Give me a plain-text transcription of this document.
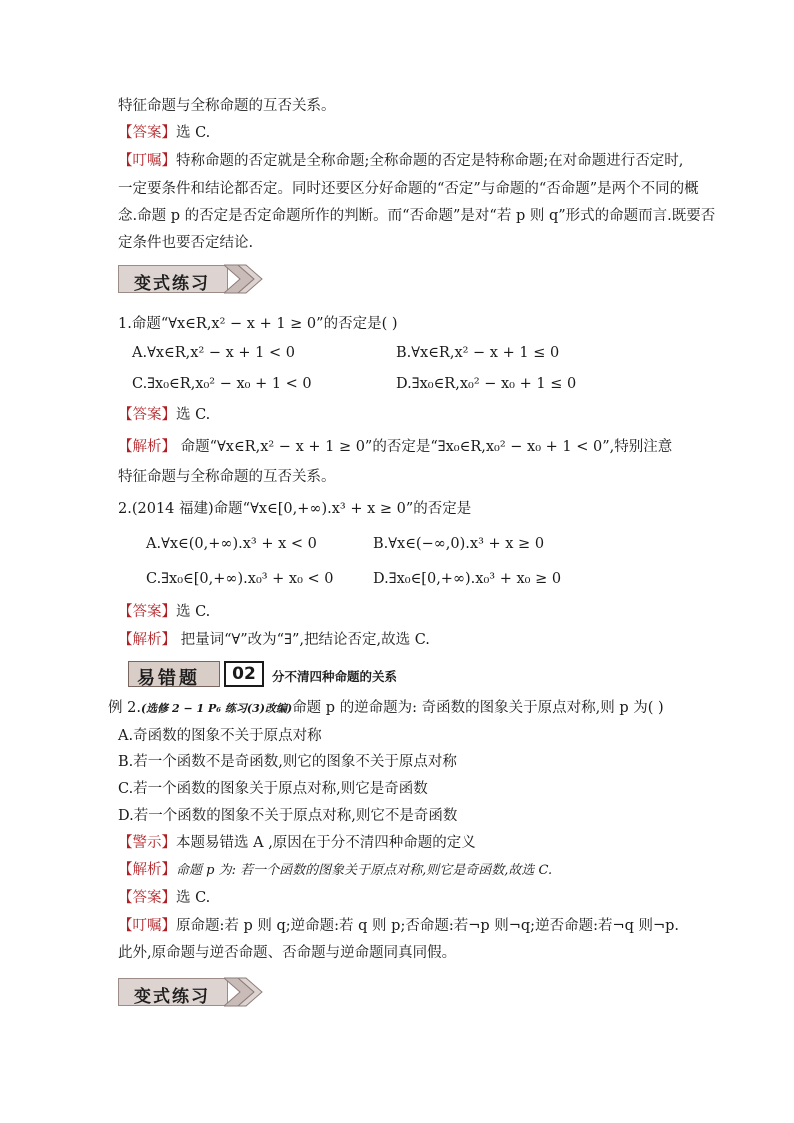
特征命题与全称命题的互否关系。
【答案】选 C.
【叮嘱】特称命题的否定就是全称命题;全称命题的否定是特称命题;在对命题进行否定时,
一定要条件和结论都否定。同时还要区分好命题的“否定”与命题的“否命题”是两个不同的概
念.命题 p 的否定是否定命题所作的判断。而“否命题”是对“若 p 则 q”形式的命题而言.既要否
定条件也要否定结论.
变式练习
1.命题“∀x∈R,x² − x + 1 ≥ 0”的否定是( )
A.∀x∈R,x² − x + 1 < 0	B.∀x∈R,x² − x + 1 ≤ 0
C.∃x₀∈R,x₀² − x₀ + 1 < 0	D.∃x₀∈R,x₀² − x₀ + 1 ≤ 0
【答案】选 C.
【解析】 命题“∀x∈R,x² − x + 1 ≥ 0”的否定是“∃x₀∈R,x₀² − x₀ + 1 < 0”,特别注意
特征命题与全称命题的互否关系。
2.(2014 福建)命题“∀x∈[0,+∞).x³ + x ≥ 0”的否定是
A.∀x∈(0,+∞).x³ + x < 0	B.∀x∈(−∞,0).x³ + x ≥ 0
C.∃x₀∈[0,+∞).x₀³ + x₀ < 0	D.∃x₀∈[0,+∞).x₀³ + x₀ ≥ 0
【答案】选 C.
【解析】 把量词“∀”改为“∃”,把结论否定,故选 C.
易错题	02	分不清四种命题的关系
例 2.(选修 2 − 1 P₆ 练习(3)改编)命题 p 的逆命题为: 奇函数的图象关于原点对称,则 p 为( )
A.奇函数的图象不关于原点对称
B.若一个函数不是奇函数,则它的图象不关于原点对称
C.若一个函数的图象关于原点对称,则它是奇函数
D.若一个函数的图象不关于原点对称,则它不是奇函数
【警示】本题易错选 A ,原因在于分不清四种命题的定义
【解析】命题 p 为: 若一个函数的图象关于原点对称,则它是奇函数,故选 C.
【答案】选 C.
【叮嘱】原命题:若 p 则 q;逆命题:若 q 则 p;否命题:若¬p 则¬q;逆否命题:若¬q 则¬p.
此外,原命题与逆否命题、否命题与逆命题同真同假。
变式练习
